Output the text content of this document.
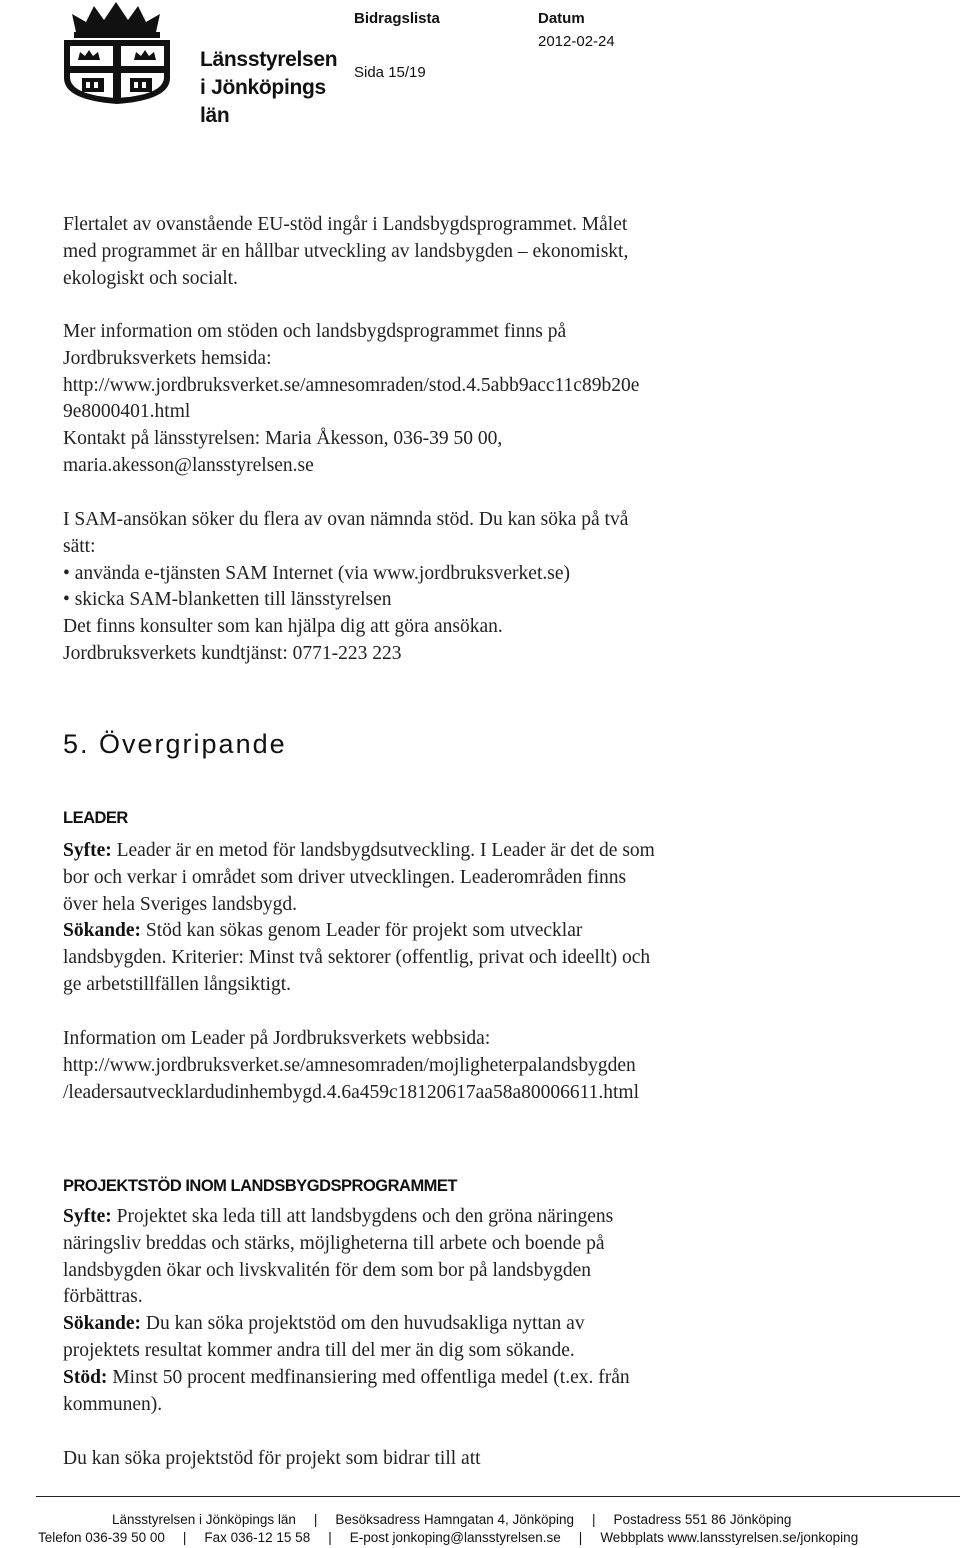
Länsstyrelsen
i Jönköpings län
Bidragslista	Datum
2012-02-24
Sida 15/19
Flertalet av ovanstående EU-stöd ingår i Landsbygdsprogrammet. Målet
med programmet är en hållbar utveckling av landsbygden – ekonomiskt,
ekologiskt och socialt.
Mer information om stöden och landsbygdsprogrammet finns på
Jordbruksverkets hemsida:
http://www.jordbruksverket.se/amnesomraden/stod.4.5abb9acc11c89b20e
9e8000401.html
Kontakt på länsstyrelsen: Maria Åkesson, 036-39 50 00,
maria.akesson@lansstyrelsen.se
I SAM-ansökan söker du flera av ovan nämnda stöd. Du kan söka på två
sätt:
• använda e-tjänsten SAM Internet (via www.jordbruksverket.se)
• skicka SAM-blanketten till länsstyrelsen
Det finns konsulter som kan hjälpa dig att göra ansökan.
Jordbruksverkets kundtjänst: 0771-223 223
5. Övergripande
LEADER
Syfte: Leader är en metod för landsbygdsutveckling. I Leader är det de som
bor och verkar i området som driver utvecklingen. Leaderområden finns
över hela Sveriges landsbygd.
Sökande: Stöd kan sökas genom Leader för projekt som utvecklar
landsbygden. Kriterier: Minst två sektorer (offentlig, privat och ideellt) och
ge arbetstillfällen långsiktigt.
Information om Leader på Jordbruksverkets webbsida:
http://www.jordbruksverket.se/amnesomraden/mojligheterpalandsbygden
/leadersautvecklardudinhembygd.4.6a459c18120617aa58a80006611.html
PROJEKTSTÖD INOM LANDSBYGDSPROGRAMMET
Syfte: Projektet ska leda till att landsbygdens och den gröna näringens
näringsliv breddas och stärks, möjligheterna till arbete och boende på
landsbygden ökar och livskvalitén för dem som bor på landsbygden
förbättras.
Sökande: Du kan söka projektstöd om den huvudsakliga nyttan av
projektets resultat kommer andra till del mer än dig som sökande.
Stöd: Minst 50 procent medfinansiering med offentliga medel (t.ex. från
kommunen).
Du kan söka projektstöd för projekt som bidrar till att
Länsstyrelsen i Jönköpings län | Besöksadress Hamngatan 4, Jönköping | Postadress 551 86 Jönköping
Telefon 036-39 50 00 | Fax 036-12 15 58 | E-post jonkoping@lansstyrelsen.se | Webbplats www.lansstyrelsen.se/jonkoping
